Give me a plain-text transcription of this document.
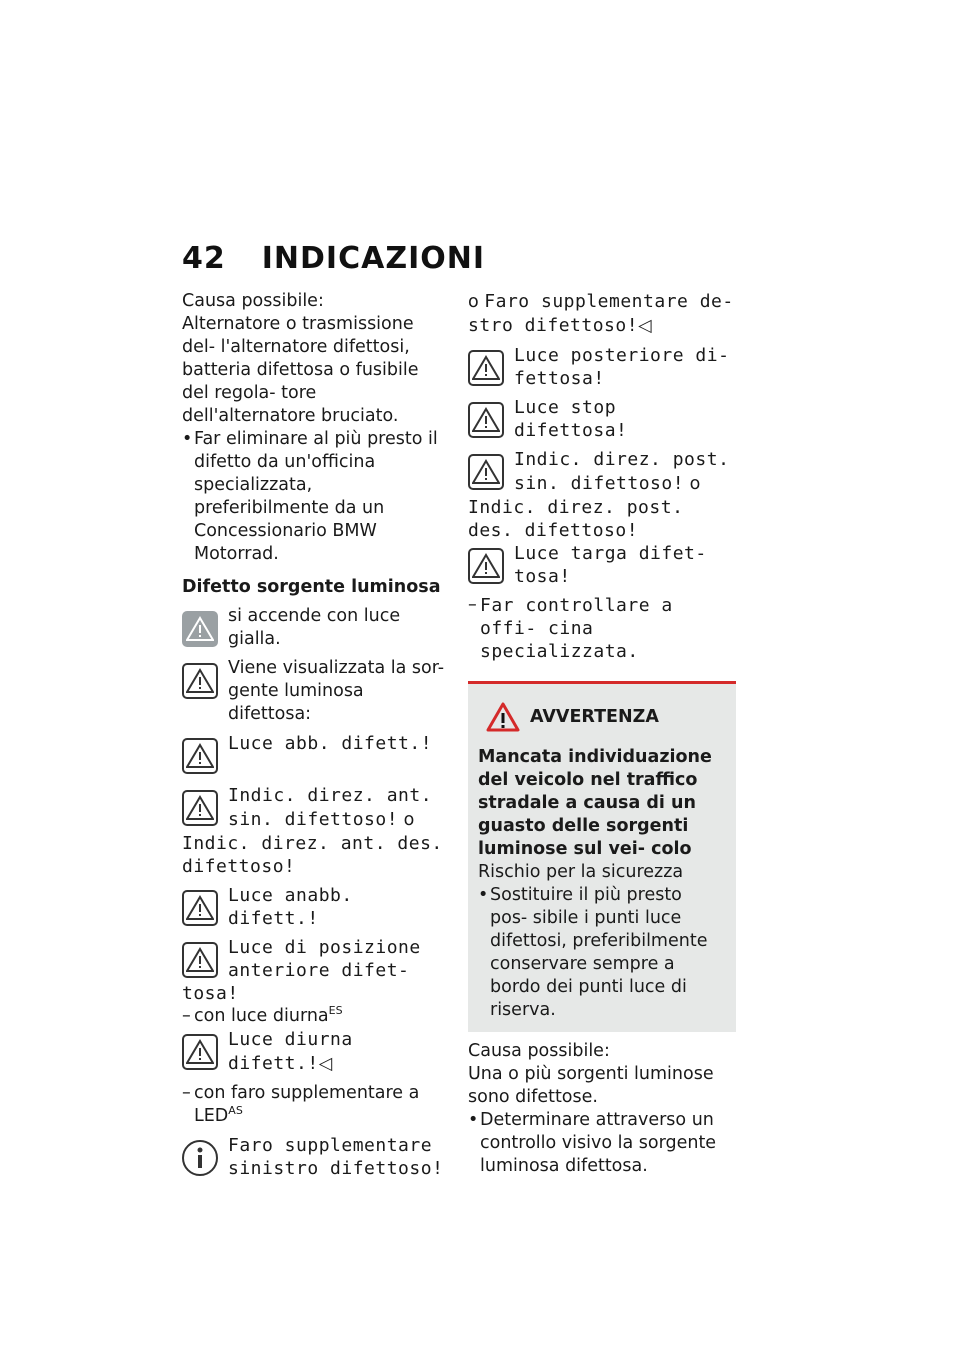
42 INDICAZIONI

Causa possibile:

Alternatore o trasmissione del- l'alternatore difettosi, batteria difettosa o fusibile del regola- tore dell'alternatore bruciato.

• Far eliminare al più presto il difetto da un'officina specializzata, preferibilmente da un Concessionario BMW Motorrad.

Difetto sorgente luminosa

si accende con luce gialla.
Viene visualizzata la sor- gente luminosa difettosa:
Luce abb. difett.!
Indic. direz. ant. sin. difettoso! o

Indic. direz. ant. des. difettoso!

Luce anabb. difett.!
Luce di posizione anteriore difet-

tosa!

– con luce diurna$^{ES}$
Luce diurna difett.!◁
– con faro supplementare a $LED^{AS}$
Faro supplementare sinistro difettoso!

o Faro supplementare de- stro difettoso!◁

Luce posteriore di- fettosa!
Luce stop difettosa!
Indic. direz. post. sin. difettoso! o

Indic. direz. post. des. difettoso!

Luce targa difet- tosa!
– Far controllare a offi- cina specializzata.
AVVERTENZA

Mancata individuazione del veicolo nel traffico stradale a causa di un guasto delle sorgenti luminose sul vei- colo

Rischio per la sicurezza

• Sostituire il più presto pos- sibile i punti luce difettosi, preferibilmente conservare sempre a bordo dei punti luce di riserva.

Causa possibile:

Una o più sorgenti luminose sono difettose.

• Determinare attraverso un controllo visivo la sorgente luminosa difettosa.
